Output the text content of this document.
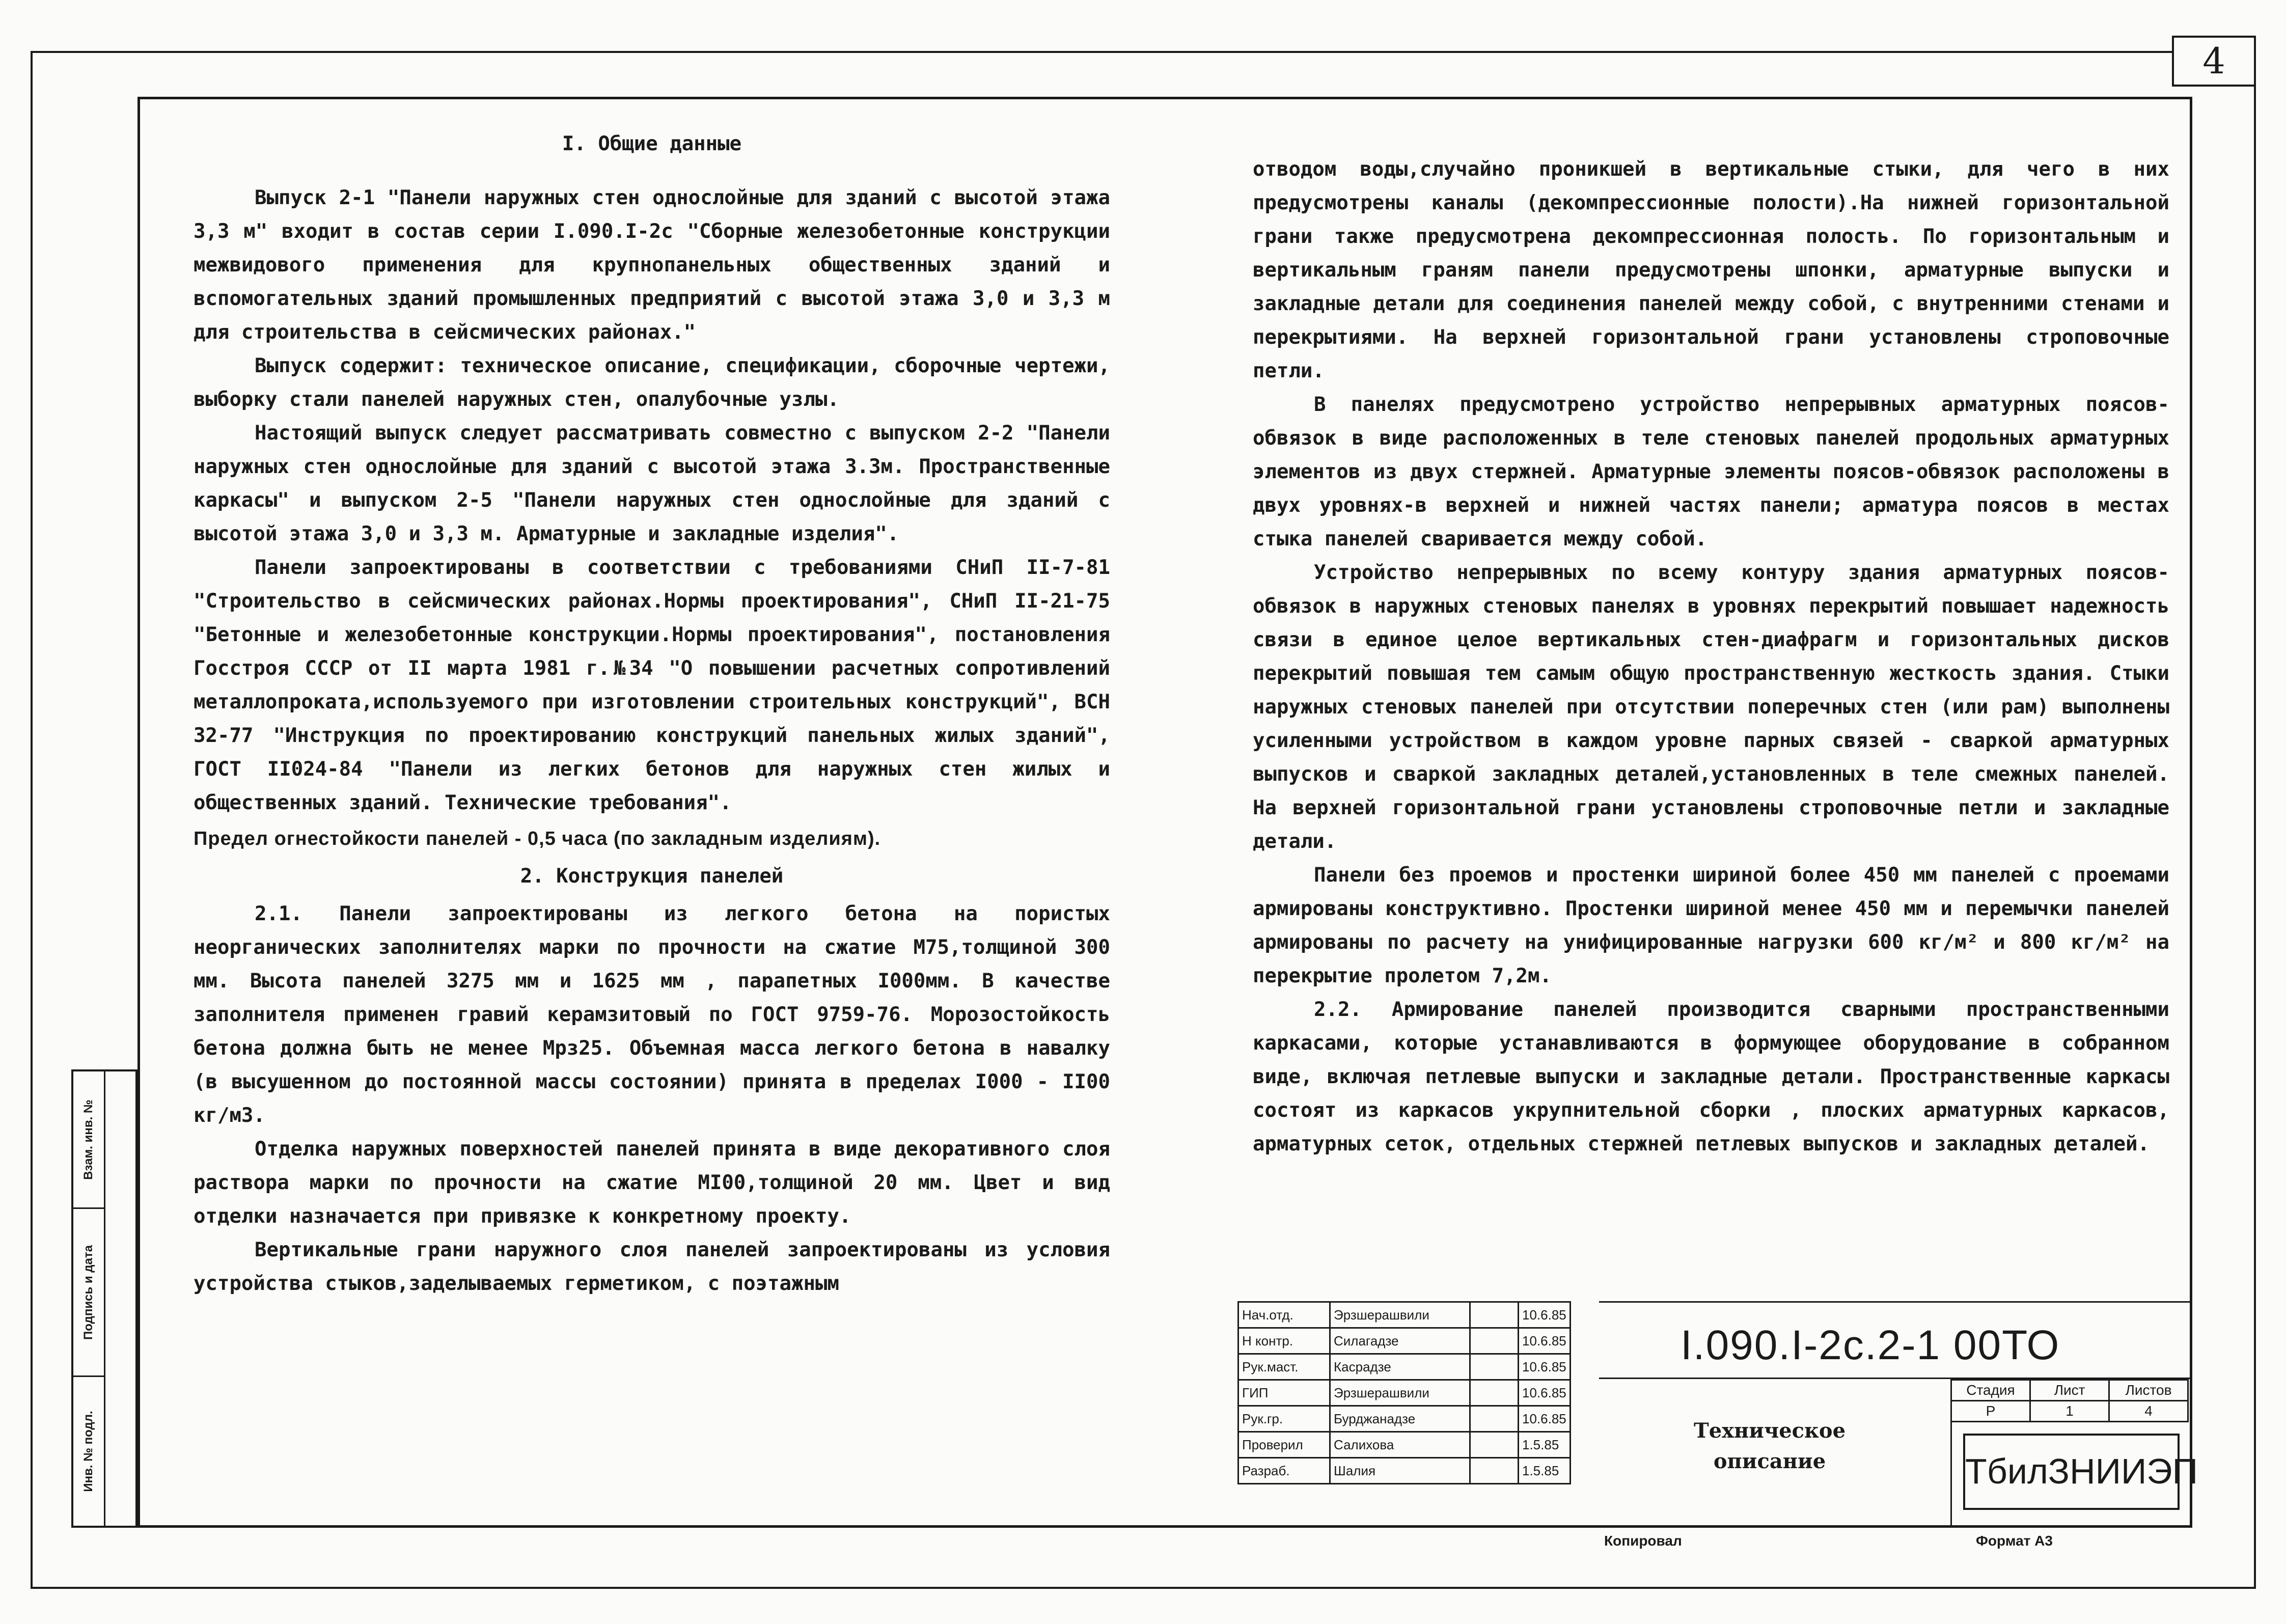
4
Взам. инв. №
Подпись и дата
Инв. № подл.
I. Общие данные

Выпуск 2-1 "Панели наружных стен однослойные для зданий с высотой этажа 3,3 м" входит в состав серии I.090.I-2с "Сборные железобетонные конструкции межвидового применения для крупнопанельных общественных зданий и вспомогательных зданий промышленных предприятий с высотой этажа 3,0 и 3,3 м для строительства в сейсмических районах."

Выпуск содержит: техническое описание, спецификации, сборочные чертежи, выборку стали панелей наружных стен, опалубочные узлы.

Настоящий выпуск следует рассматривать совместно с выпуском 2-2 "Панели наружных стен однослойные для зданий с высотой этажа 3.3м. Пространственные каркасы" и выпуском 2-5 "Панели наружных стен однослойные для зданий с высотой этажа 3,0 и 3,3 м. Арматурные и закладные изделия".

Панели запроектированы в соответствии с требованиями СНиП II-7-81 "Строительство в сейсмических районах.Нормы проектирования", СНиП II-21-75 "Бетонные и железобетонные конструкции.Нормы проектирования", постановления Госстроя СССР от II марта 1981 г.№34 "О повышении расчетных сопротивлений металлопроката,используемого при изготовлении строительных конструкций", ВСН 32-77 "Инструкция по проектированию конструкций панельных жилых зданий", ГОСТ II024-84 "Панели из легких бетонов для наружных стен жилых и общественных зданий. Технические требования".

Предел огнестойкости панелей - 0,5 часа (по закладным изделиям).

2. Конструкция панелей

2.1. Панели запроектированы из легкого бетона на пористых неорганических заполнителях марки по прочности на сжатие М75,толщиной 300 мм. Высота панелей 3275 мм и 1625 мм , парапетных I000мм. В качестве заполнителя применен гравий керамзитовый по ГОСТ 9759-76. Морозостойкость бетона должна быть не менее Мрз25. Объемная масса легкого бетона в навалку (в высушенном до постоянной массы состоянии) принята в пределах I000 - II00 кг/м3.

Отделка наружных поверхностей панелей принята в виде декоративного слоя раствора марки по прочности на сжатие MI00,толщиной 20 мм. Цвет и вид отделки назначается при привязке к конкретному проекту.

Вертикальные грани наружного слоя панелей запроектированы из условия устройства стыков,заделываемых герметиком, с поэтажным

отводом воды,случайно проникшей в вертикальные стыки, для чего в них предусмотрены каналы (декомпрессионные полости).На нижней горизонтальной грани также предусмотрена декомпрессионная полость. По горизонтальным и вертикальным граням панели предусмотрены шпонки, арматурные выпуски и закладные детали для соединения панелей между собой, с внутренними стенами и перекрытиями. На верхней горизонтальной грани установлены строповочные петли.

В панелях предусмотрено устройство непрерывных арматурных поясов-обвязок в виде расположенных в теле стеновых панелей продольных арматурных элементов из двух стержней. Арматурные элементы поясов-обвязок расположены в двух уровнях-в верхней и нижней частях панели; арматура поясов в местах стыка панелей сваривается между собой.

Устройство непрерывных по всему контуру здания арматурных поясов-обвязок в наружных стеновых панелях в уровнях перекрытий повышает надежность связи в единое целое вертикальных стен-диафрагм и горизонтальных дисков перекрытий повышая тем самым общую пространственную жесткость здания. Стыки наружных стеновых панелей при отсутствии поперечных стен (или рам) выполнены усиленными устройством в каждом уровне парных связей - сваркой арматурных выпусков и сваркой закладных деталей,установленных в теле смежных панелей. На верхней горизонтальной грани установлены строповочные петли и закладные детали.

Панели без проемов и простенки шириной более 450 мм панелей с проемами армированы конструктивно. Простенки шириной менее 450 мм и перемычки панелей армированы по расчету на унифицированные нагрузки 600 кг/м² и 800 кг/м² на перекрытие пролетом 7,2м.

2.2. Армирование панелей производится сварными пространственными каркасами, которые устанавливаются в формующее оборудование в собранном виде, включая петлевые выпуски и закладные детали. Пространственные каркасы состоят из каркасов укрупнительной сборки , плоских арматурных каркасов, арматурных сеток, отдельных стержней петлевых выпусков и закладных деталей.

Нач.отд.	Эрзшерашвили		10.6.85
Н контр.	Силагадзе		10.6.85
Рук.маст.	Касрадзе		10.6.85
ГИП	Эрзшерашвили		10.6.85
Рук.гр.	Бурджанадзе		10.6.85
Проверил	Салихова		1.5.85
Разраб.	Шалия		1.5.85
I.090.I-2с.2-1 00ТО
Техническое описание
Стадия	Лист	Листов
Р	1	4
ТбилЗНИИЭП
Копировал	Формат А3
